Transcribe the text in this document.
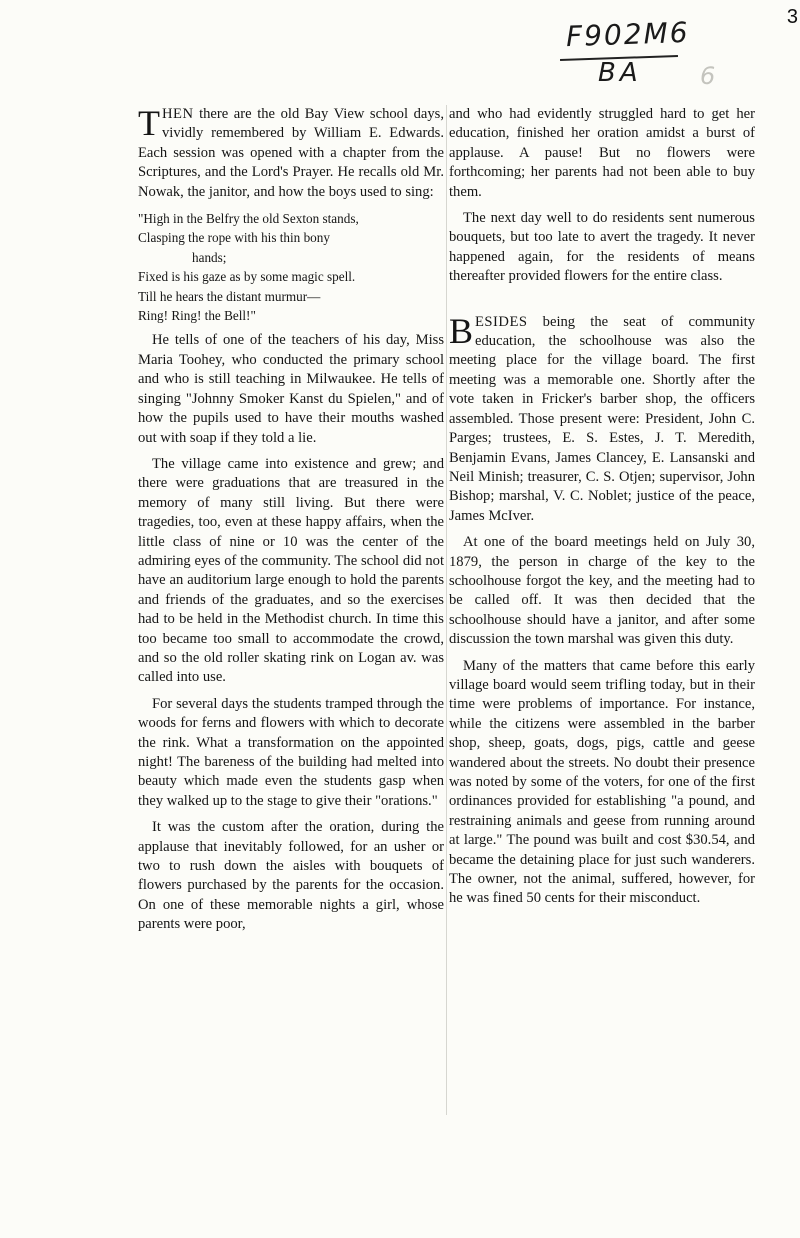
3
F902M6
BA 6

THEN there are the old Bay View school days, vividly remembered by William E. Edwards. Each session was opened with a chapter from the Scriptures, and the Lord's Prayer. He recalls old Mr. Nowak, the janitor, and how the boys used to sing:

"High in the Belfry the old Sexton stands,
Clasping the rope with his thin bony
hands;
Fixed is his gaze as by some magic spell.
Till he hears the distant murmur—
Ring! Ring! the Bell!"

He tells of one of the teachers of his day, Miss Maria Toohey, who conducted the primary school and who is still teaching in Milwaukee. He tells of singing "Johnny Smoker Kanst du Spielen," and of how the pupils used to have their mouths washed out with soap if they told a lie.

The village came into existence and grew; and there were graduations that are treasured in the memory of many still living. But there were tragedies, too, even at these happy affairs, when the little class of nine or 10 was the center of the admiring eyes of the community. The school did not have an auditorium large enough to hold the parents and friends of the graduates, and so the exercises had to be held in the Methodist church. In time this too became too small to accommodate the crowd, and so the old roller skating rink on Logan av. was called into use.

For several days the students tramped through the woods for ferns and flowers with which to decorate the rink. What a transformation on the appointed night! The bareness of the building had melted into beauty which made even the students gasp when they walked up to the stage to give their "orations."

It was the custom after the oration, during the applause that inevitably followed, for an usher or two to rush down the aisles with bouquets of flowers purchased by the parents for the occasion. On one of these memorable nights a girl, whose parents were poor,

and who had evidently struggled hard to get her education, finished her oration amidst a burst of applause. A pause! But no flowers were forthcoming; her parents had not been able to buy them.

The next day well to do residents sent numerous bouquets, but too late to avert the tragedy. It never happened again, for the residents of means thereafter provided flowers for the entire class.

BESIDES being the seat of community education, the schoolhouse was also the meeting place for the village board. The first meeting was a memorable one. Shortly after the vote taken in Fricker's barber shop, the officers assembled. Those present were: President, John C. Parges; trustees, E. S. Estes, J. T. Meredith, Benjamin Evans, James Clancey, E. Lansanski and Neil Minish; treasurer, C. S. Otjen; supervisor, John Bishop; marshal, V. C. Noblet; justice of the peace, James McIver.

At one of the board meetings held on July 30, 1879, the person in charge of the key to the schoolhouse forgot the key, and the meeting had to be called off. It was then decided that the schoolhouse should have a janitor, and after some discussion the town marshal was given this duty.

Many of the matters that came before this early village board would seem trifling today, but in their time were problems of importance. For instance, while the citizens were assembled in the barber shop, sheep, goats, dogs, pigs, cattle and geese wandered about the streets. No doubt their presence was noted by some of the voters, for one of the first ordinances provided for establishing "a pound, and restraining animals and geese from running around at large." The pound was built and cost $30.54, and became the detaining place for just such wanderers. The owner, not the animal, suffered, however, for he was fined 50 cents for their misconduct.
